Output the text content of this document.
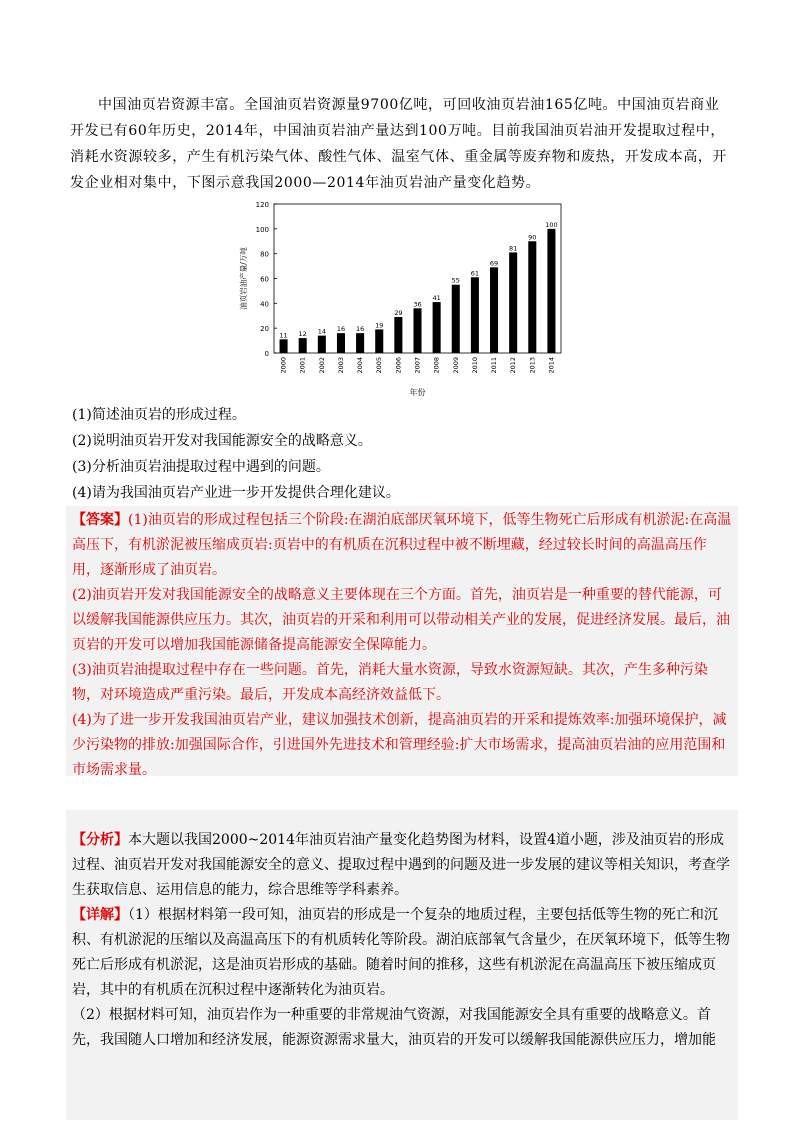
中国油页岩资源丰富。全国油页岩资源量9700亿吨，可回收油页岩油165亿吨。中国油页岩商业开发已有60年历史，2014年，中国油页岩油产量达到100万吨。目前我国油页岩油开发提取过程中，消耗水资源较多，产生有机污染气体、酸性气体、温室气体、重金属等废弃物和废热，开发成本高，开发企业相对集中，下图示意我国2000—2014年油页岩油产量变化趋势。
0
20
40
60
80
100
120
11
2000
12
2001
14
2002
16
2003
16
2004
19
2005
29
2006
36
2007
41
2008
55
2009
61
2010
69
2011
81
2012
90
2013
100
2014
油页岩油产量/万吨
年份
(1)简述油页岩的形成过程。
(2)说明油页岩开发对我国能源安全的战略意义。
(3)分析油页岩油提取过程中遇到的问题。
(4)请为我国油页岩产业进一步开发提供合理化建议。

【答案】(1)油页岩的形成过程包括三个阶段:在湖泊底部厌氧环境下，低等生物死亡后形成有机淤泥:在高温高压下，有机淤泥被压缩成页岩:页岩中的有机质在沉积过程中被不断埋藏，经过较长时间的高温高压作用，逐渐形成了油页岩。

(2)油页岩开发对我国能源安全的战略意义主要体现在三个方面。首先，油页岩是一种重要的替代能源，可以缓解我国能源供应压力。其次，油页岩的开采和利用可以带动相关产业的发展，促进经济发展。最后，油页岩的开发可以增加我国能源储备提高能源安全保障能力。

(3)油页岩油提取过程中存在一些问题。首先，消耗大量水资源，导致水资源短缺。其次，产生多种污染物，对环境造成严重污染。最后，开发成本高经济效益低下。

(4)为了进一步开发我国油页岩产业，建议加强技术创新，提高油页岩的开采和提炼效率:加强环境保护，减少污染物的排放:加强国际合作，引进国外先进技术和管理经验:扩大市场需求，提高油页岩油的应用范围和市场需求量。

【分析】本大题以我国2000~2014年油页岩油产量变化趋势图为材料，设置4道小题，涉及油页岩的形成过程、油页岩开发对我国能源安全的意义、提取过程中遇到的问题及进一步发展的建议等相关知识，考查学生获取信息、运用信息的能力，综合思维等学科素养。

【详解】（1）根据材料第一段可知，油页岩的形成是一个复杂的地质过程，主要包括低等生物的死亡和沉积、有机淤泥的压缩以及高温高压下的有机质转化等阶段。湖泊底部氧气含量少，在厌氧环境下，低等生物死亡后形成有机淤泥，这是油页岩形成的基础。随着时间的推移，这些有机淤泥在高温高压下被压缩成页岩，其中的有机质在沉积过程中逐渐转化为油页岩。

（2）根据材料可知，油页岩作为一种重要的非常规油气资源，对我国能源安全具有重要的战略意义。首先，我国随人口增加和经济发展，能源资源需求量大，油页岩的开发可以缓解我国能源供应压力，增加能
